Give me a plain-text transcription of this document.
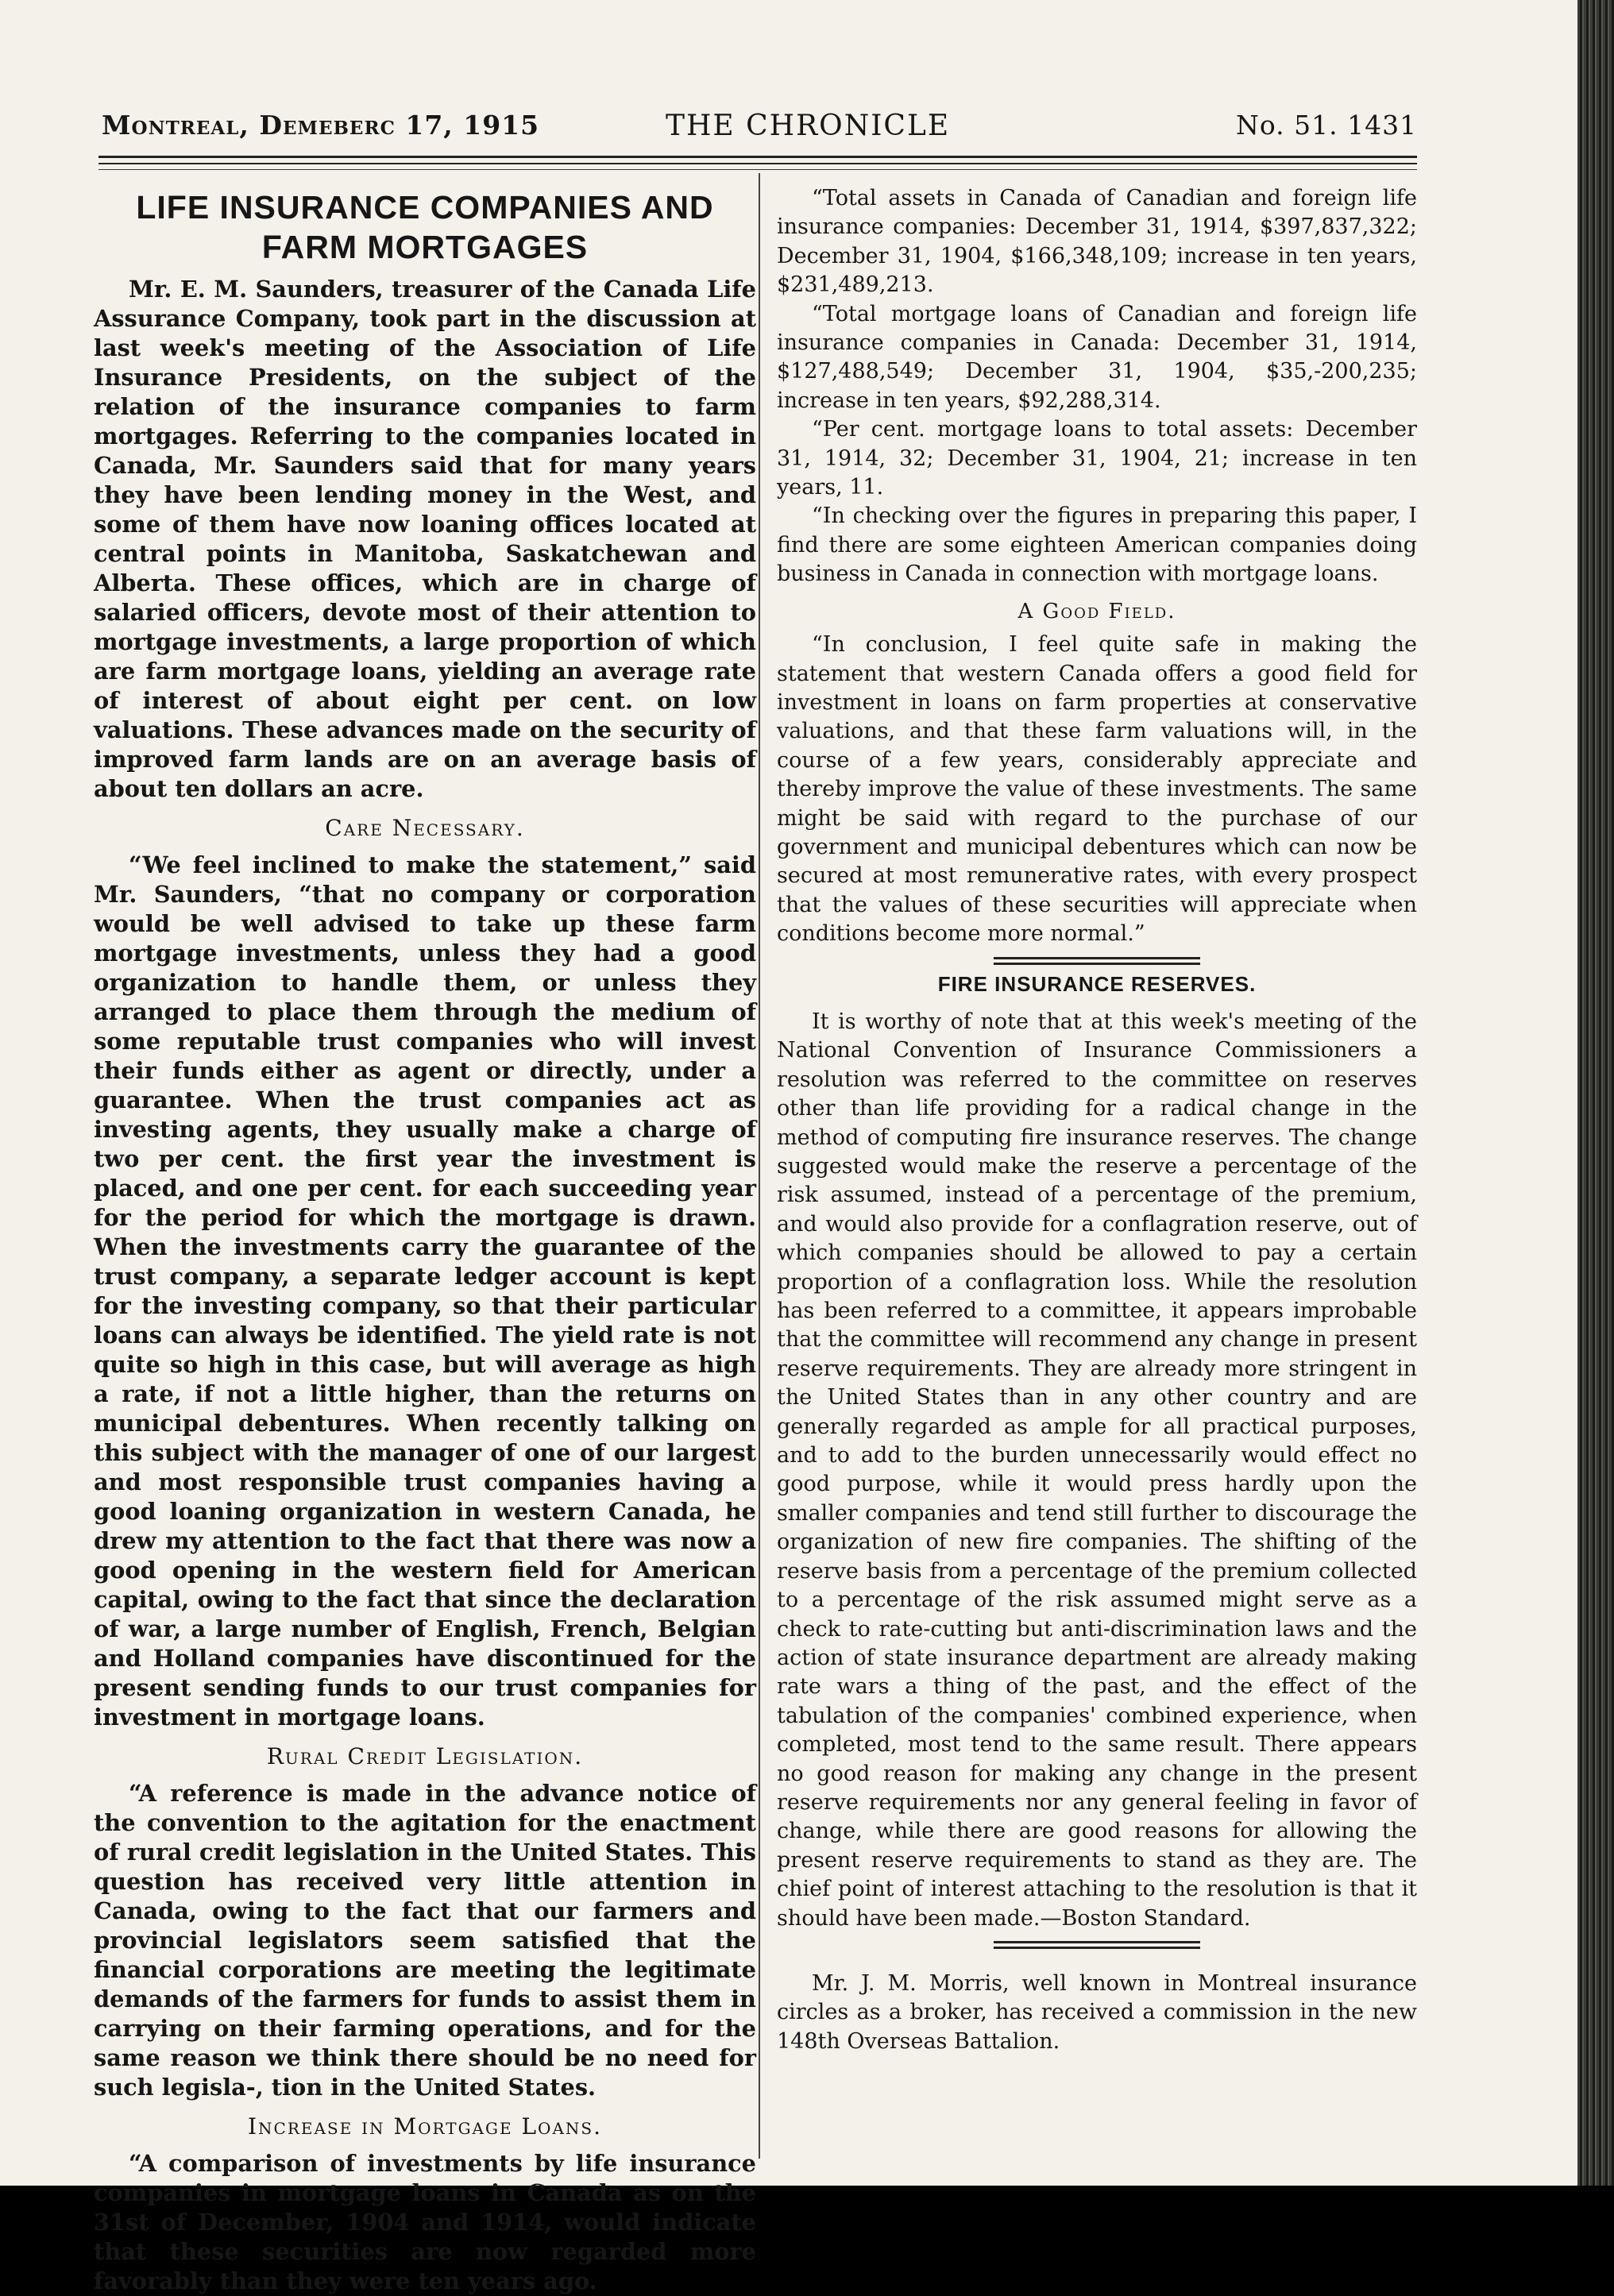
Montreal, Demeberc 17, 1915	THE CHRONICLE	No. 51. 1431
LIFE INSURANCE COMPANIES AND FARM MORTGAGES

Mr. E. M. Saunders, treasurer of the Canada Life Assurance Company, took part in the discussion at last week's meeting of the Association of Life Insurance Presidents, on the subject of the relation of the insurance companies to farm mortgages. Referring to the companies located in Canada, Mr. Saunders said that for many years they have been lending money in the West, and some of them have now loaning offices located at central points in Manitoba, Saskatchewan and Alberta. These offices, which are in charge of salaried officers, devote most of their attention to mortgage investments, a large proportion of which are farm mortgage loans, yielding an average rate of interest of about eight per cent. on low valuations. These advances made on the security of improved farm lands are on an average basis of about ten dollars an acre.

Care Necessary.

“We feel inclined to make the statement,” said Mr. Saunders, “that no company or corporation would be well advised to take up these farm mortgage investments, unless they had a good organization to handle them, or unless they arranged to place them through the medium of some reputable trust companies who will invest their funds either as agent or directly, under a guarantee. When the trust companies act as investing agents, they usually make a charge of two per cent. the first year the investment is placed, and one per cent. for each succeeding year for the period for which the mortgage is drawn. When the investments carry the guarantee of the trust company, a separate ledger account is kept for the investing company, so that their particular loans can always be identified. The yield rate is not quite so high in this case, but will average as high a rate, if not a little higher, than the returns on municipal debentures. When recently talking on this subject with the manager of one of our largest and most responsible trust companies having a good loaning organization in western Canada, he drew my attention to the fact that there was now a good opening in the western field for American capital, owing to the fact that since the declaration of war, a large number of English, French, Belgian and Holland companies have discontinued for the present sending funds to our trust companies for investment in mortgage loans.

Rural Credit Legislation.

“A reference is made in the advance notice of the convention to the agitation for the enactment of rural credit legislation in the United States. This question has received very little attention in Canada, owing to the fact that our farmers and provincial legislators seem satisfied that the financial corporations are meeting the legitimate demands of the farmers for funds to assist them in carrying on their farming operations, and for the same reason we think there should be no need for such legisla-, tion in the United States.

Increase in Mortgage Loans.

“A comparison of investments by life insurance companies in mortgage loans in Canada as on the 31st of December, 1904 and 1914, would indicate that these securities are now regarded more favorably than they were ten years ago.

“Total assets in Canada of Canadian and foreign life insurance companies: December 31, 1914, $397,837,322; December 31, 1904, $166,348,109; increase in ten years, $231,489,213.

“Total mortgage loans of Canadian and foreign life insurance companies in Canada: December 31, 1914, $127,488,549; December 31, 1904, $35,-200,235; increase in ten years, $92,288,314.

“Per cent. mortgage loans to total assets: December 31, 1914, 32; December 31, 1904, 21; increase in ten years, 11.

“In checking over the figures in preparing this paper, I find there are some eighteen American companies doing business in Canada in connection with mortgage loans.

A Good Field.

“In conclusion, I feel quite safe in making the statement that western Canada offers a good field for investment in loans on farm properties at conservative valuations, and that these farm valuations will, in the course of a few years, considerably appreciate and thereby improve the value of these investments. The same might be said with regard to the purchase of our government and municipal debentures which can now be secured at most remunerative rates, with every prospect that the values of these securities will appreciate when conditions become more normal.”

FIRE INSURANCE RESERVES.

It is worthy of note that at this week's meeting of the National Convention of Insurance Commissioners a resolution was referred to the committee on reserves other than life providing for a radical change in the method of computing fire insurance reserves. The change suggested would make the reserve a percentage of the risk assumed, instead of a percentage of the premium, and would also provide for a conflagration reserve, out of which companies should be allowed to pay a certain proportion of a conflagration loss. While the resolution has been referred to a committee, it appears improbable that the committee will recommend any change in present reserve requirements. They are already more stringent in the United States than in any other country and are generally regarded as ample for all practical purposes, and to add to the burden unnecessarily would effect no good purpose, while it would press hardly upon the smaller companies and tend still further to discourage the organization of new fire companies. The shifting of the reserve basis from a percentage of the premium collected to a percentage of the risk assumed might serve as a check to rate-cutting but anti-discrimination laws and the action of state insurance department are already making rate wars a thing of the past, and the effect of the tabulation of the companies' combined experience, when completed, most tend to the same result. There appears no good reason for making any change in the present reserve requirements nor any general feeling in favor of change, while there are good reasons for allowing the present reserve requirements to stand as they are. The chief point of interest attaching to the resolution is that it should have been made.—Boston Standard.

Mr. J. M. Morris, well known in Montreal insurance circles as a broker, has received a commission in the new 148th Overseas Battalion.
